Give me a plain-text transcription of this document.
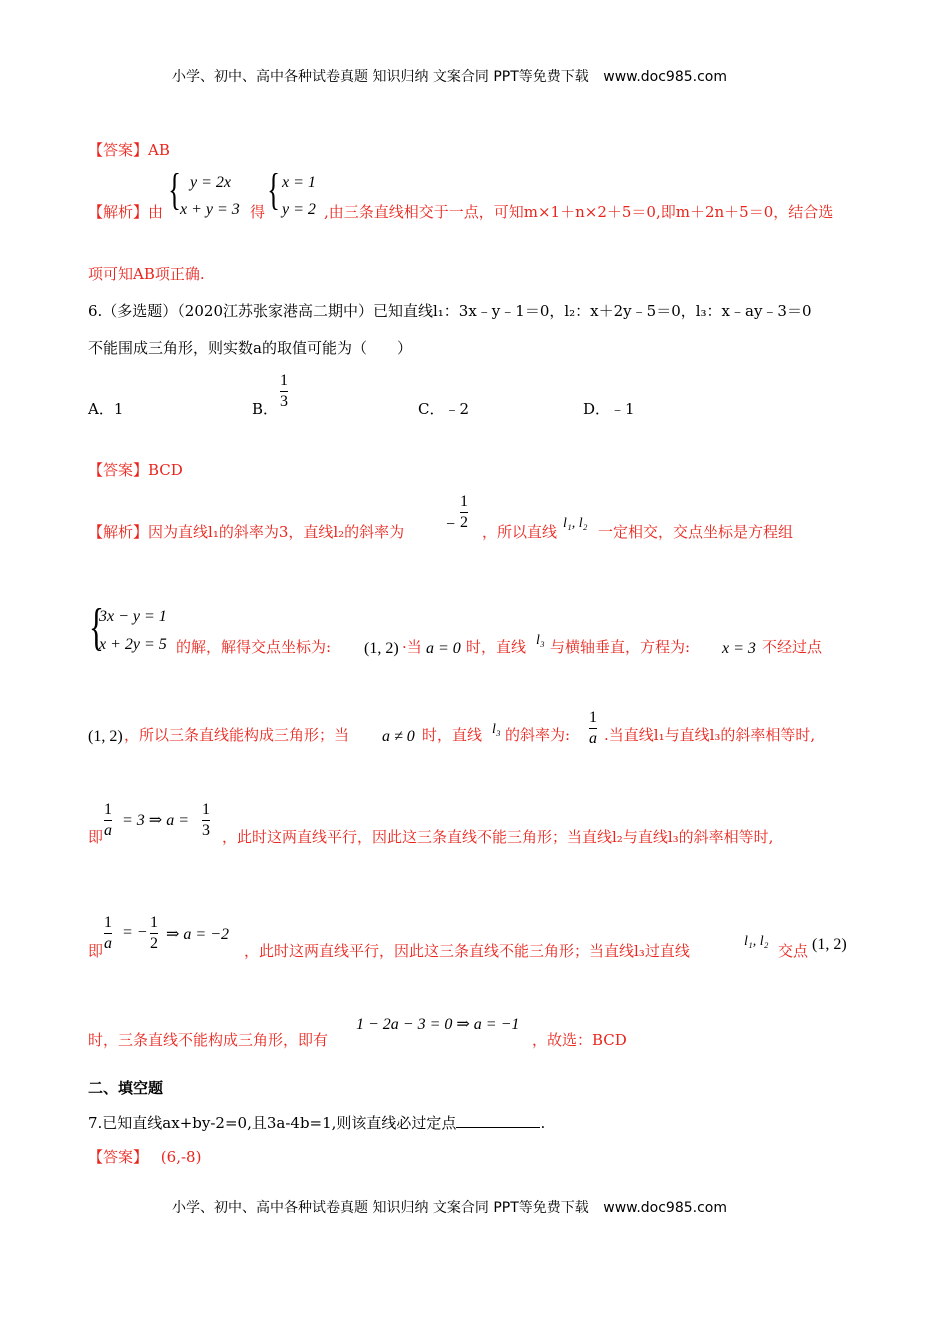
小学、初中、高中各种试卷真题 知识归纳 文案合同 PPT等免费下载 www.doc985.com
【答案】AB
【解析】由 { y = 2x
x + y = 3 得 { x = 1
y = 2 ,由三条直线相交于一点，可知m×1＋n×2＋5＝0,即m＋2n＋5＝0，结合选
项可知AB项正确.
6.（多选题）（2020江苏张家港高二期中）已知直线l₁：3x﹣y﹣1＝0，l₂：x＋2y﹣5＝0，l₃：x﹣ay﹣3＝0
不能围成三角形，则实数a的取值可能为（　　）
A．1	B．
1
3	C．﹣2	D．﹣1
【答案】BCD
【解析】因为直线l₁的斜率为3，直线l₂的斜率为	−
1
2
，所以直线 l₁, l₂ 一定相交，交点坐标是方程组
{
3x − y = 1
x + 2y = 5 的解，解得交点坐标为: (1, 2) ·当 a = 0 时，直线 l₃ 与横轴垂直，方程为: x = 3 不经过点
(1, 2) ，所以三条直线能构成三角形；当 a ≠ 0 时，直线 l₃ 的斜率为:
1
a .当直线l₁与直线l₃的斜率相等时,
即
1
a
= 3 ⇒ a =
1
3 ，此时这两直线平行，因此这三条直线不能三角形；当直线l₂与直线l₃的斜率相等时,
即
1
a
= −
1
2
⇒ a = −2
，此时这两直线平行，因此这三条直线不能三角形；当直线l₃过直线
l₁, l₂
交点 (1, 2)
时，三条直线不能构成三角形，即有
1 − 2a − 3 = 0 ⇒ a = −1
，故选：BCD
二、填空题
7.已知直线ax+by-2=0,且3a-4b=1,则该直线必过定点	.
【答案】 (6,-8)
小学、初中、高中各种试卷真题 知识归纳 文案合同 PPT等免费下载 www.doc985.com
